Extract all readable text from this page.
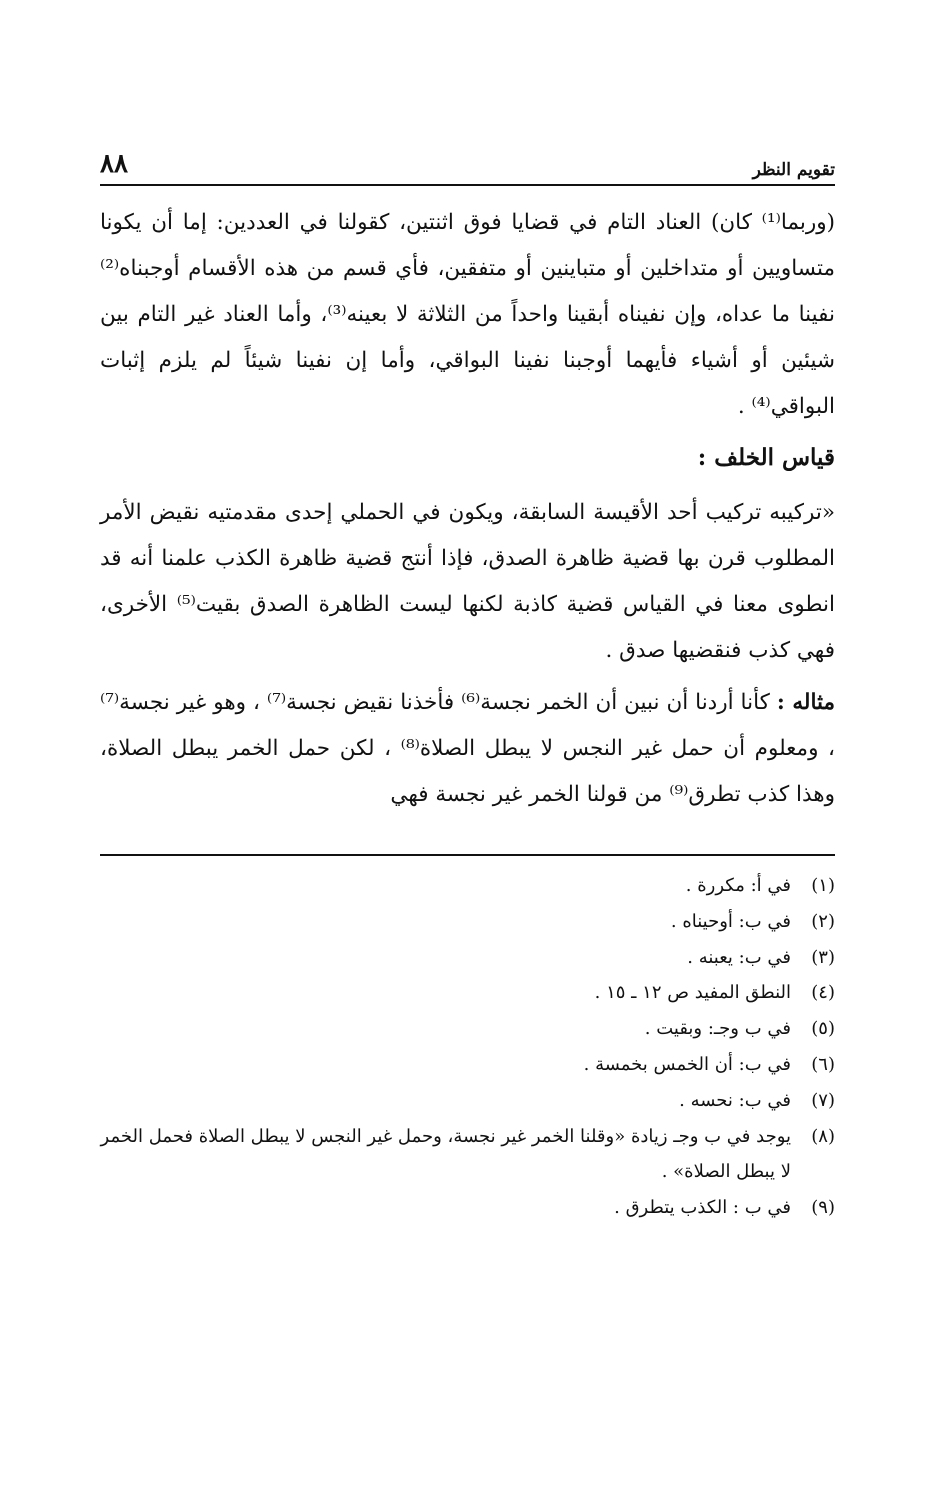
تقويم النظر
٨٨

(وربما⁽¹⁾ كان) العناد التام في قضايا فوق اثنتين، كقولنا في العددين: إما أن يكونا متساويين أو متداخلين أو متباينين أو متفقين، فأي قسم من هذه الأقسام أوجبناه⁽²⁾ نفينا ما عداه، وإن نفيناه أبقينا واحداً من الثلاثة لا بعينه⁽³⁾، وأما العناد غير التام بين شيئين أو أشياء فأيهما أوجبنا نفينا البواقي، وأما إن نفينا شيئاً لم يلزم إثبات البواقي⁽⁴⁾ .

قياس الخلف :

«تركيبه تركيب أحد الأقيسة السابقة، ويكون في الحملي إحدى مقدمتيه نقيض الأمر المطلوب قرن بها قضية ظاهرة الصدق، فإذا أنتج قضية ظاهرة الكذب علمنا أنه قد انطوى معنا في القياس قضية كاذبة لكنها ليست الظاهرة الصدق بقيت⁽⁵⁾ الأخرى، فهي كذب فنقضيها صدق .

مثاله : كأنا أردنا أن نبين أن الخمر نجسة⁽⁶⁾ فأخذنا نقيض نجسة⁽⁷⁾ ، وهو غير نجسة⁽⁷⁾ ، ومعلوم أن حمل غير النجس لا يبطل الصلاة⁽⁸⁾ ، لكن حمل الخمر يبطل الصلاة، وهذا كذب تطرق⁽⁹⁾ من قولنا الخمر غير نجسة فهي

(١)
في أ: مكررة .
(٢)
في ب: أوحيناه .
(٣)
في ب: يعبنه .
(٤)
النطق المفيد ص ١٢ ـ ١٥ .
(٥)
في ب وجـ: وبقيت .
(٦)
في ب: أن الخمس بخمسة .
(٧)
في ب: نحسه .
(٨)
يوجد في ب وجـ زيادة «وقلنا الخمر غير نجسة، وحمل غير النجس لا يبطل الصلاة فحمل الخمر لا يبطل الصلاة» .
(٩)
في ب : الكذب يتطرق .
